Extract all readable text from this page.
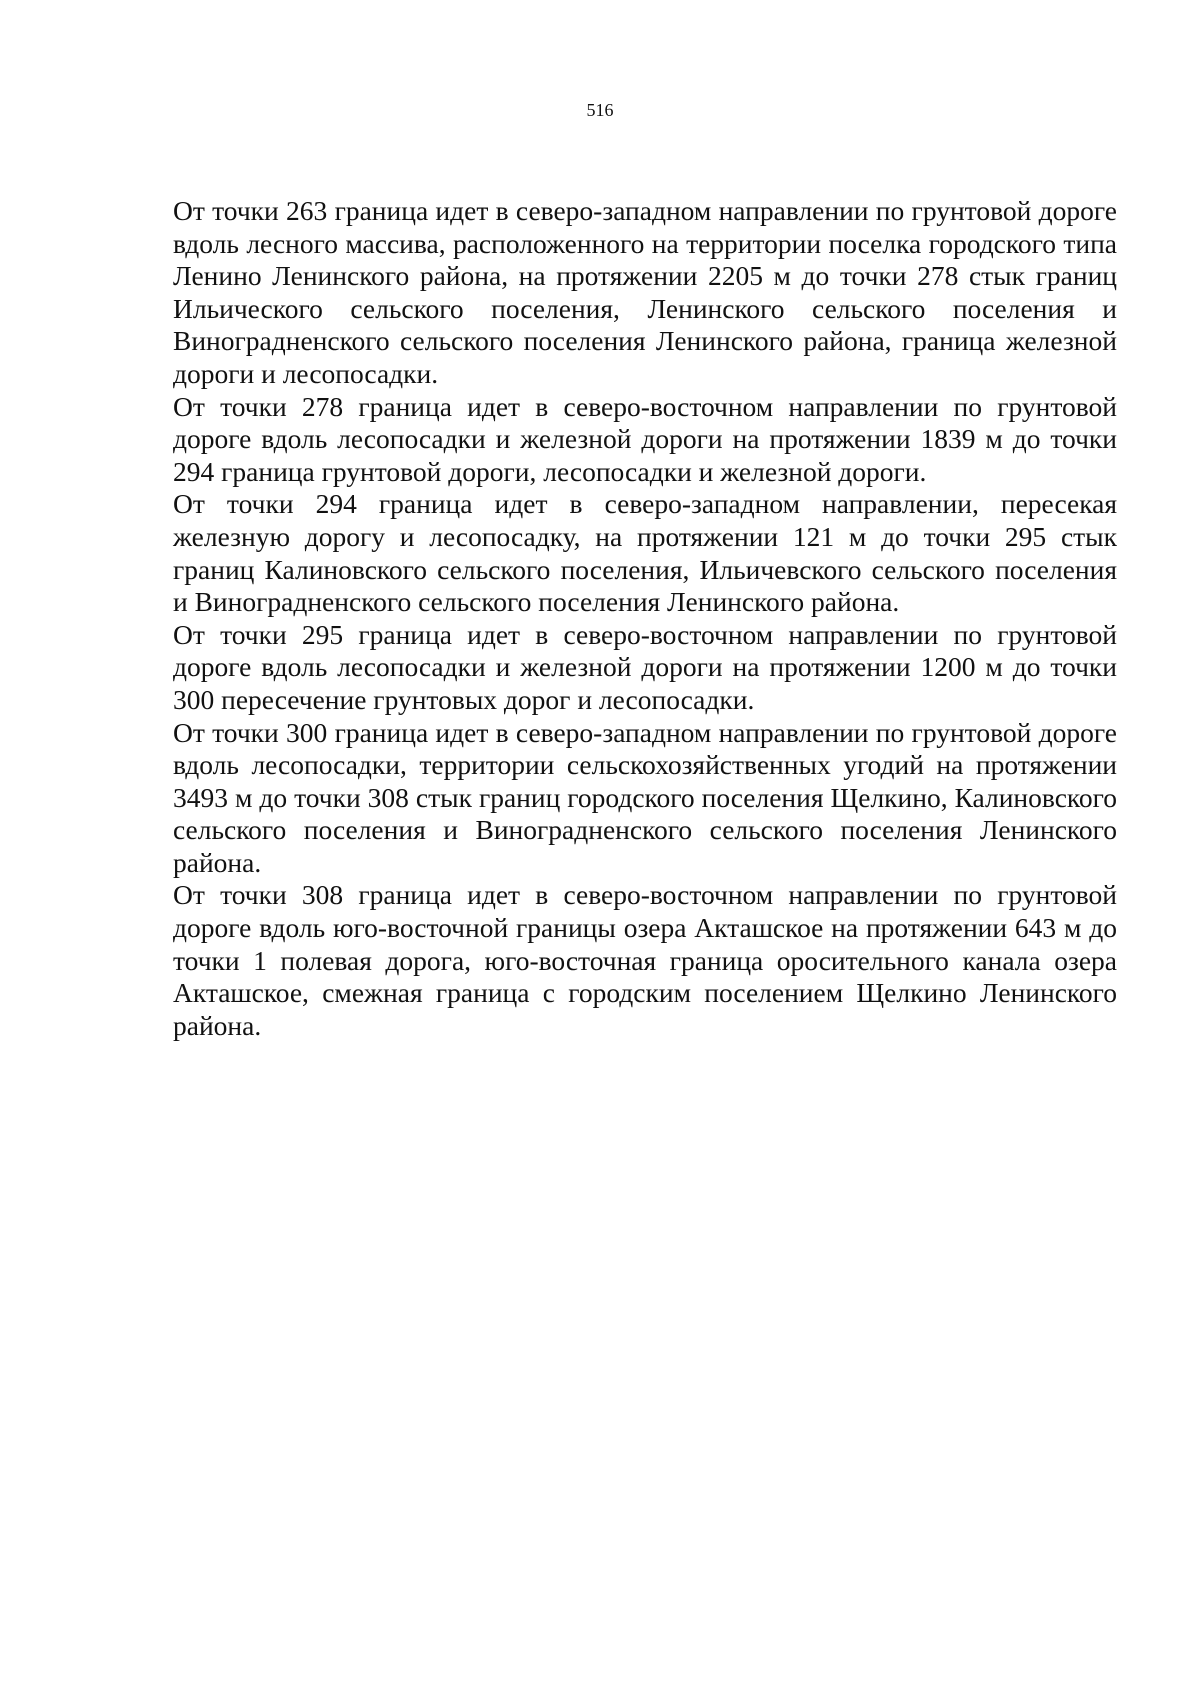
516

От точки 263 граница идет в северо-западном направлении по грунтовой дороге вдоль лесного массива, расположенного на территории поселка городского типа Ленино Ленинского района, на протяжении 2205 м до точки 278 стык границ Ильического сельского поселения, Ленинского сельского поселения и Виноградненского сельского поселения Ленинского района, граница железной дороги и лесопосадки.

От точки 278 граница идет в северо-восточном направлении по грунтовой дороге вдоль лесопосадки и железной дороги на протяжении 1839 м до точки 294 граница грунтовой дороги, лесопосадки и железной дороги.

От точки 294 граница идет в северо-западном направлении, пересекая железную дорогу и лесопосадку, на протяжении 121 м до точки 295 стык границ Калиновского сельского поселения, Ильичевского сельского поселения и Виноградненского сельского поселения Ленинского района.

От точки 295 граница идет в северо-восточном направлении по грунтовой дороге вдоль лесопосадки и железной дороги на протяжении 1200 м до точки 300 пересечение грунтовых дорог и лесопосадки.

От точки 300 граница идет в северо-западном направлении по грунтовой дороге вдоль лесопосадки, территории сельскохозяйственных угодий на протяжении 3493 м до точки 308 стык границ городского поселения Щелкино, Калиновского сельского поселения и Виноградненского сельского поселения Ленинского района.

От точки 308 граница идет в северо-восточном направлении по грунтовой дороге вдоль юго-восточной границы озера Акташское на протяжении 643 м до точки 1 полевая дорога, юго-восточная граница оросительного канала озера Акташское, смежная граница с городским поселением Щелкино Ленинского района.
